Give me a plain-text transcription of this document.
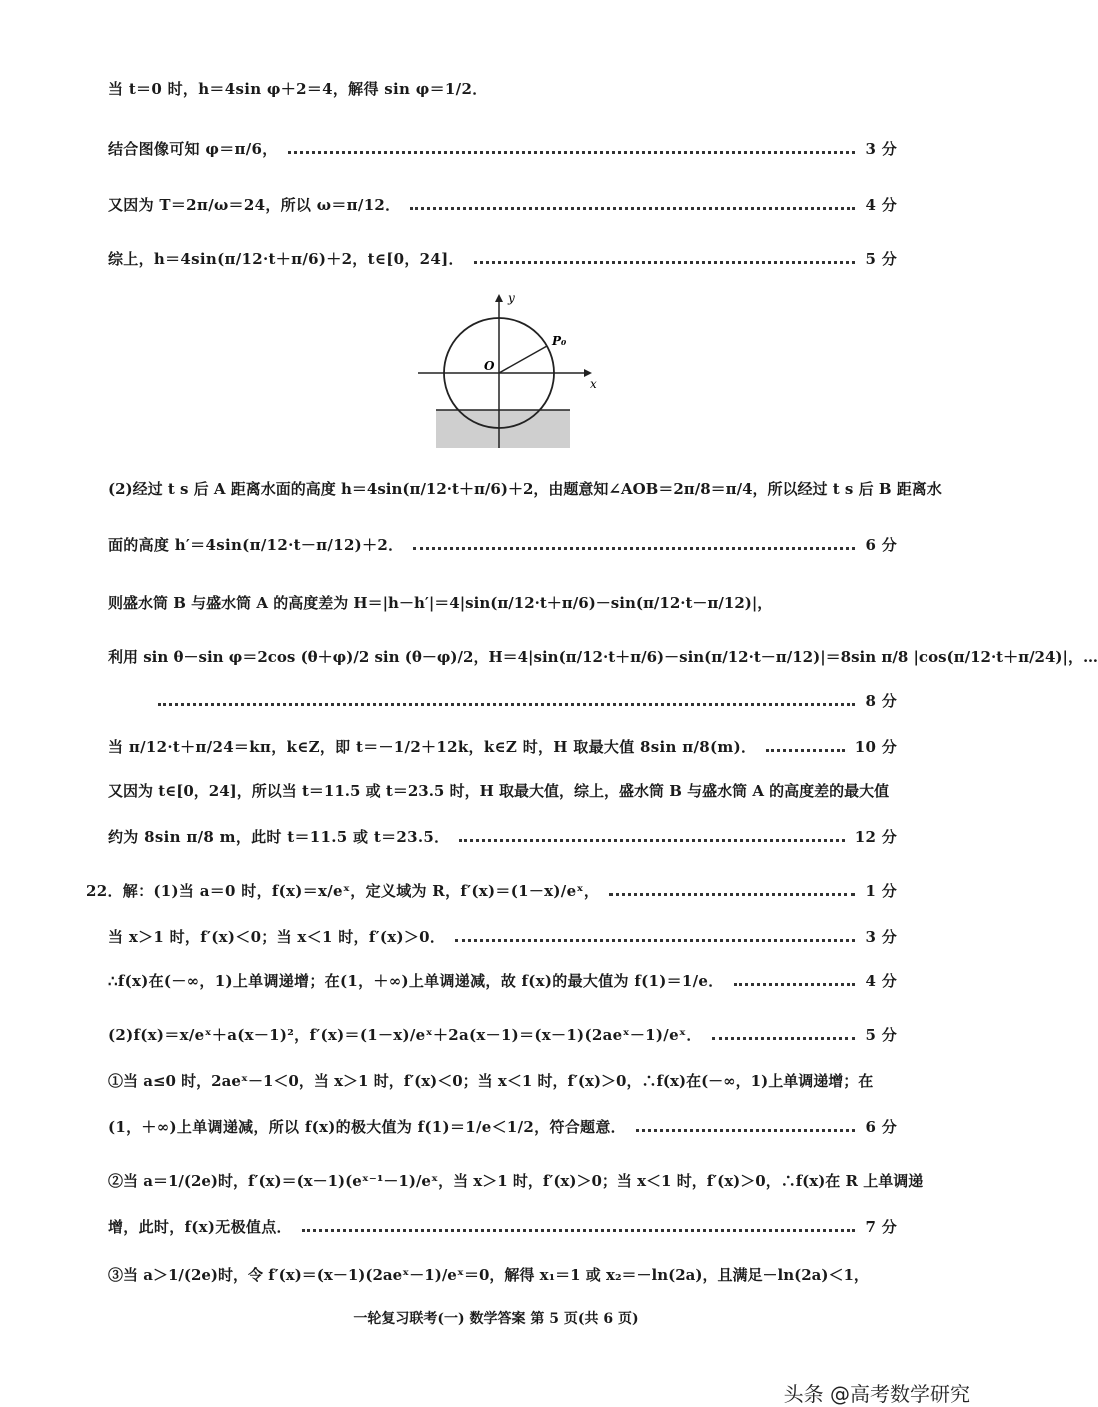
当 t＝0 时，h＝4sin φ＋2＝4，解得 sin φ＝1/2．
结合图像可知 φ＝π/6，	3 分
又因为 T＝2π/ω＝24，所以 ω＝π/12．	4 分
综上，h＝4sin(π/12·t＋π/6)＋2，t∈[0，24]．	5 分
y
x
O
P₀
(2)经过 t s 后 A 距离水面的高度 h＝4sin(π/12·t＋π/6)＋2，由题意知∠AOB＝2π/8＝π/4，所以经过 t s 后 B 距离水
面的高度 h′＝4sin(π/12·t－π/12)＋2．	6 分
则盛水筒 B 与盛水筒 A 的高度差为 H＝|h－h′|＝4|sin(π/12·t＋π/6)－sin(π/12·t－π/12)|，
利用 sin θ－sin φ＝2cos (θ＋φ)/2 sin (θ－φ)/2，H＝4|sin(π/12·t＋π/6)－sin(π/12·t－π/12)|＝8sin π/8 |cos(π/12·t＋π/24)|，…
8 分
当 π/12·t＋π/24＝kπ，k∈Z，即 t＝－1/2＋12k，k∈Z 时，H 取最大值 8sin π/8(m)．	10 分
又因为 t∈[0，24]，所以当 t＝11.5 或 t＝23.5 时，H 取最大值，综上，盛水筒 B 与盛水筒 A 的高度差的最大值
约为 8sin π/8 m，此时 t＝11.5 或 t＝23.5．	12 分
22．解：(1)当 a＝0 时，f(x)＝x/eˣ，定义域为 R，f′(x)＝(1－x)/eˣ，	1 分
当 x＞1 时，f′(x)＜0；当 x＜1 时，f′(x)＞0．	3 分
∴f(x)在(－∞，1)上单调递增；在(1，＋∞)上单调递减，故 f(x)的最大值为 f(1)＝1/e．	4 分
(2)f(x)＝x/eˣ＋a(x－1)²，f′(x)＝(1－x)/eˣ＋2a(x－1)＝(x－1)(2aeˣ－1)/eˣ．	5 分
①当 a≤0 时，2aeˣ－1＜0，当 x＞1 时，f′(x)＜0；当 x＜1 时，f′(x)＞0，∴f(x)在(－∞，1)上单调递增；在
(1，＋∞)上单调递减，所以 f(x)的极大值为 f(1)＝1/e＜1/2，符合题意．	6 分
②当 a＝1/(2e)时，f′(x)＝(x－1)(eˣ⁻¹－1)/eˣ，当 x＞1 时，f′(x)＞0；当 x＜1 时，f′(x)＞0，∴f(x)在 R 上单调递
增，此时，f(x)无极值点．	7 分
③当 a＞1/(2e)时，令 f′(x)＝(x－1)(2aeˣ－1)/eˣ＝0，解得 x₁＝1 或 x₂＝－ln(2a)，且满足－ln(2a)＜1，
一轮复习联考(一) 数学答案 第 5 页(共 6 页)
头条 @高考数学研究
